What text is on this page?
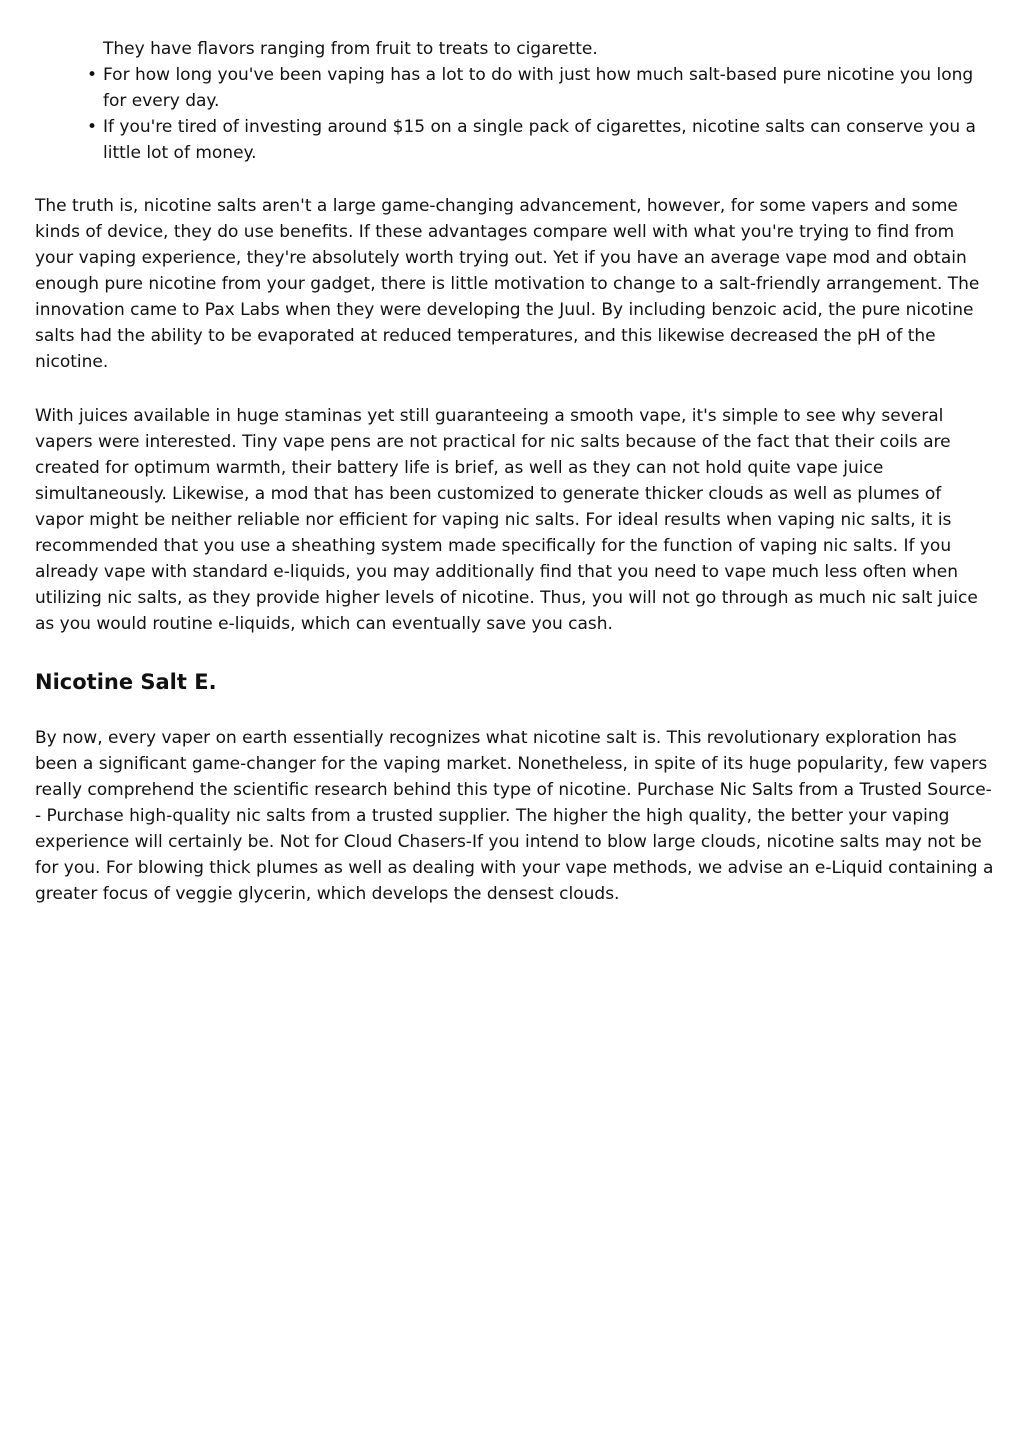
They have flavors ranging from fruit to treats to cigarette.
• For how long you've been vaping has a lot to do with just how much salt-based pure nicotine you long for every day.
• If you're tired of investing around $15 on a single pack of cigarettes, nicotine salts can conserve you a little lot of money.

The truth is, nicotine salts aren't a large game-changing advancement, however, for some vapers and some kinds of device, they do use benefits. If these advantages compare well with what you're trying to find from your vaping experience, they're absolutely worth trying out. Yet if you have an average vape mod and obtain enough pure nicotine from your gadget, there is little motivation to change to a salt-friendly arrangement. The innovation came to Pax Labs when they were developing the Juul. By including benzoic acid, the pure nicotine salts had the ability to be evaporated at reduced temperatures, and this likewise decreased the pH of the nicotine.

With juices available in huge staminas yet still guaranteeing a smooth vape, it's simple to see why several vapers were interested. Tiny vape pens are not practical for nic salts because of the fact that their coils are created for optimum warmth, their battery life is brief, as well as they can not hold quite vape juice simultaneously. Likewise, a mod that has been customized to generate thicker clouds as well as plumes of vapor might be neither reliable nor efficient for vaping nic salts. For ideal results when vaping nic salts, it is recommended that you use a sheathing system made specifically for the function of vaping nic salts. If you already vape with standard e-liquids, you may additionally find that you need to vape much less often when utilizing nic salts, as they provide higher levels of nicotine. Thus, you will not go through as much nic salt juice as you would routine e-liquids, which can eventually save you cash.

Nicotine Salt E.

By now, every vaper on earth essentially recognizes what nicotine salt is. This revolutionary exploration has been a significant game-changer for the vaping market. Nonetheless, in spite of its huge popularity, few vapers really comprehend the scientific research behind this type of nicotine. Purchase Nic Salts from a Trusted Source-- Purchase high-quality nic salts from a trusted supplier. The higher the high quality, the better your vaping experience will certainly be. Not for Cloud Chasers-If you intend to blow large clouds, nicotine salts may not be for you. For blowing thick plumes as well as dealing with your vape methods, we advise an e-Liquid containing a greater focus of veggie glycerin, which develops the densest clouds.
